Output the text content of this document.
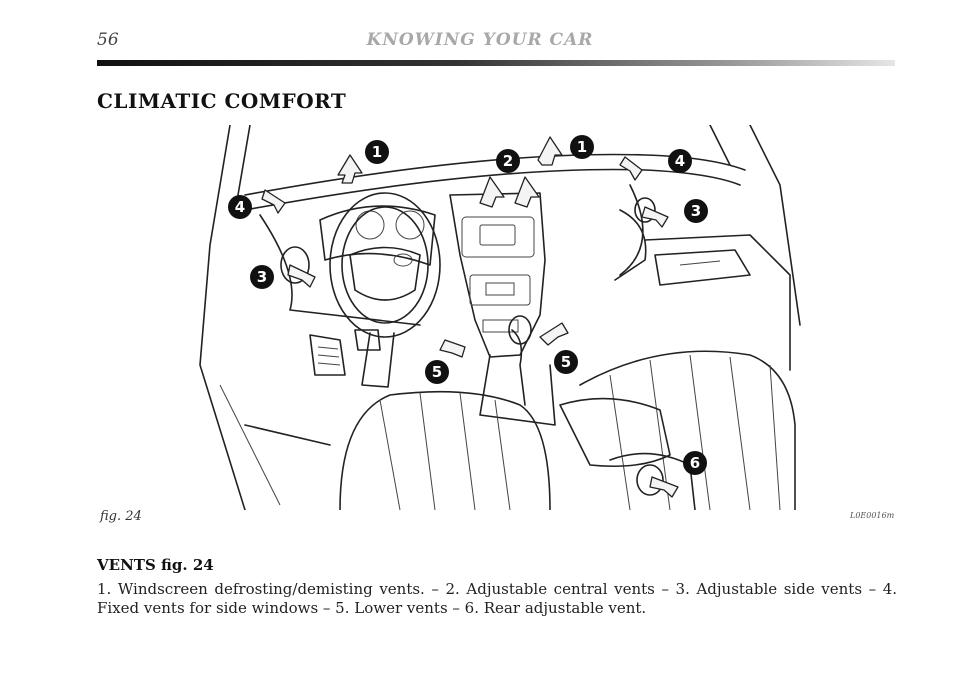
56	KNOWING YOUR CAR
CLIMATIC COMFORT
1	2
1
4
4	3
3
5
5
6
fig. 24	L0E0016m
VENTS fig. 24
1. Windscreen defrosting/demisting vents. – 2. Adjustable central vents – 3. Adjustable side vents – 4. Fixed vents for side windows – 5. Lower vents – 6. Rear adjustable vent.
